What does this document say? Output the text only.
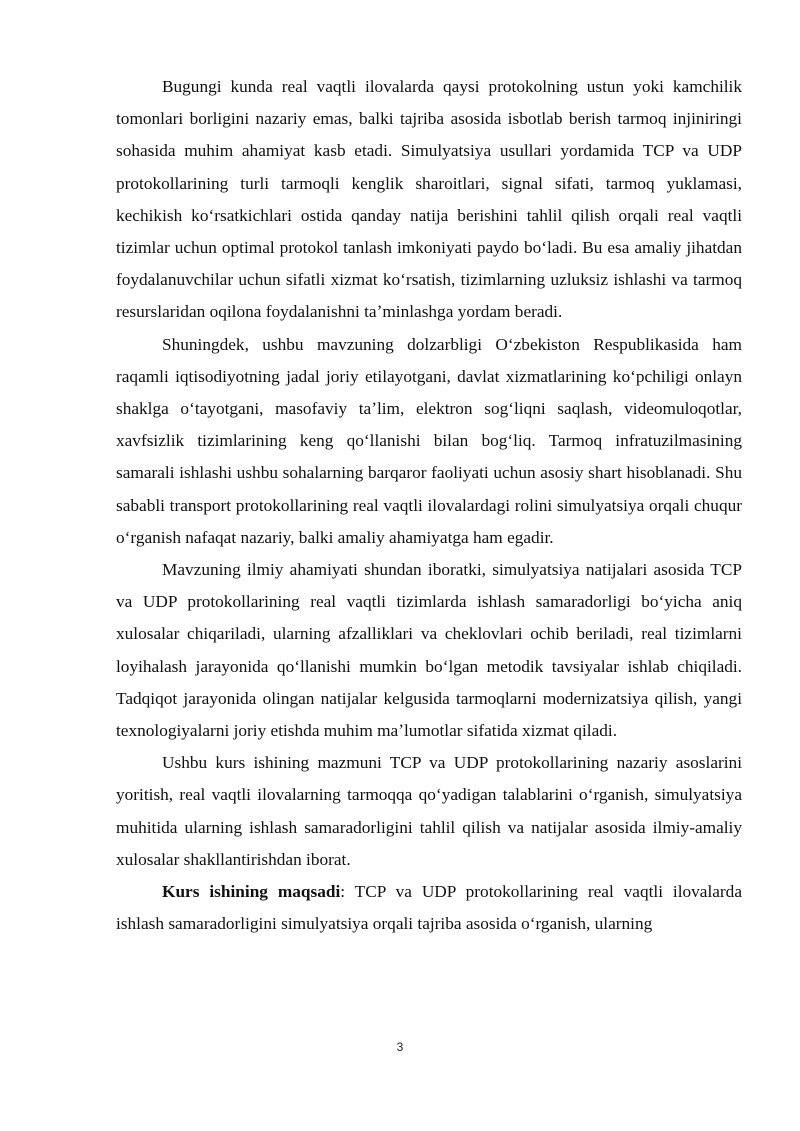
Bugungi kunda real vaqtli ilovalarda qaysi protokolning ustun yoki kamchilik tomonlari borligini nazariy emas, balki tajriba asosida isbotlab berish tarmoq injiniringi sohasida muhim ahamiyat kasb etadi. Simulyatsiya usullari yordamida TCP va UDP protokollarining turli tarmoqli kenglik sharoitlari, signal sifati, tarmoq yuklamasi, kechikish koʻrsatkichlari ostida qanday natija berishini tahlil qilish orqali real vaqtli tizimlar uchun optimal protokol tanlash imkoniyati paydo boʻladi. Bu esa amaliy jihatdan foydalanuvchilar uchun sifatli xizmat koʻrsatish, tizimlarning uzluksiz ishlashi va tarmoq resurslaridan oqilona foydalanishni taʼminlashga yordam beradi.

Shuningdek, ushbu mavzuning dolzarbligi Oʻzbekiston Respublikasida ham raqamli iqtisodiyotning jadal joriy etilayotgani, davlat xizmatlarining koʻpchiligi onlayn shaklga oʻtayotgani, masofaviy taʼlim, elektron sogʻliqni saqlash, videomuloqotlar, xavfsizlik tizimlarining keng qoʻllanishi bilan bogʻliq. Tarmoq infratuzilmasining samarali ishlashi ushbu sohalarning barqaror faoliyati uchun asosiy shart hisoblanadi. Shu sababli transport protokollarining real vaqtli ilovalardagi rolini simulyatsiya orqali chuqur oʻrganish nafaqat nazariy, balki amaliy ahamiyatga ham egadir.

Mavzuning ilmiy ahamiyati shundan iboratki, simulyatsiya natijalari asosida TCP va UDP protokollarining real vaqtli tizimlarda ishlash samaradorligi boʻyicha aniq xulosalar chiqariladi, ularning afzalliklari va cheklovlari ochib beriladi, real tizimlarni loyihalash jarayonida qoʻllanishi mumkin boʻlgan metodik tavsiyalar ishlab chiqiladi. Tadqiqot jarayonida olingan natijalar kelgusida tarmoqlarni modernizatsiya qilish, yangi texnologiyalarni joriy etishda muhim maʼlumotlar sifatida xizmat qiladi.

Ushbu kurs ishining mazmuni TCP va UDP protokollarining nazariy asoslarini yoritish, real vaqtli ilovalarning tarmoqqa qoʻyadigan talablarini oʻrganish, simulyatsiya muhitida ularning ishlash samaradorligini tahlil qilish va natijalar asosida ilmiy-amaliy xulosalar shakllantirishdan iborat.

Kurs ishining maqsadi: TCP va UDP protokollarining real vaqtli ilovalarda ishlash samaradorligini simulyatsiya orqali tajriba asosida oʻrganish, ularning

3
